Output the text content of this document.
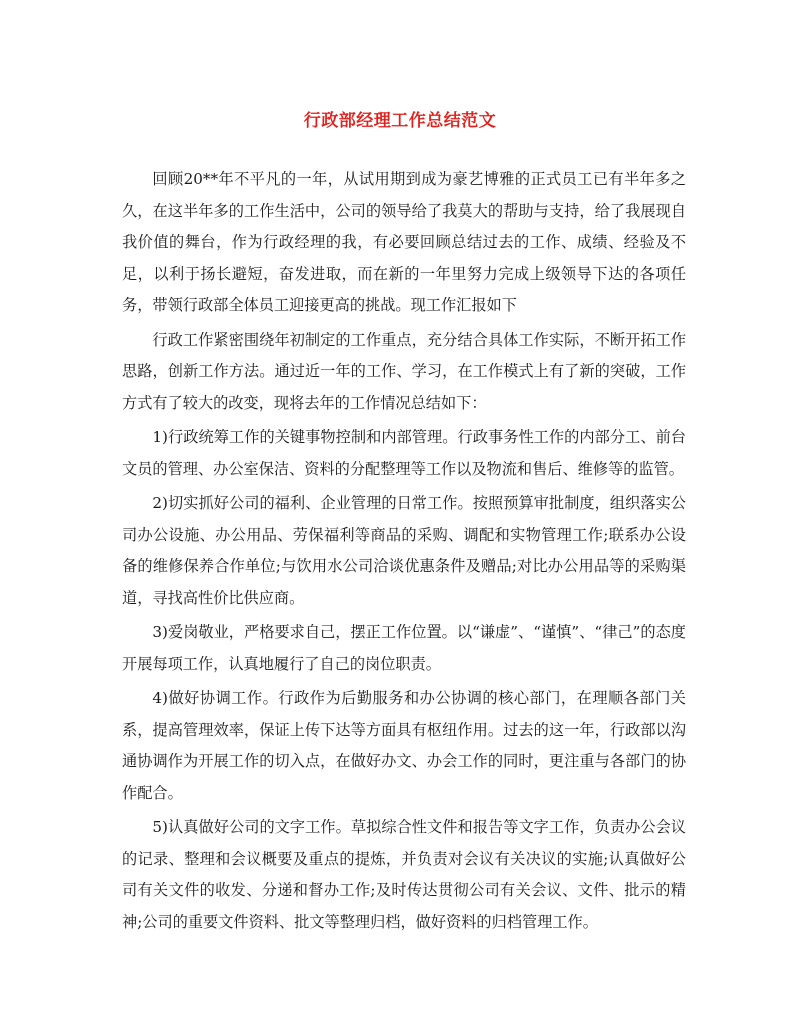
行政部经理工作总结范文

回顾20**年不平凡的一年，从试用期到成为豪艺博雅的正式员工已有半年多之久，在这半年多的工作生活中，公司的领导给了我莫大的帮助与支持，给了我展现自我价值的舞台，作为行政经理的我，有必要回顾总结过去的工作、成绩、经验及不足，以利于扬长避短，奋发进取，而在新的一年里努力完成上级领导下达的各项任务，带领行政部全体员工迎接更高的挑战。现工作汇报如下

行政工作紧密围绕年初制定的工作重点，充分结合具体工作实际，不断开拓工作思路，创新工作方法。通过近一年的工作、学习，在工作模式上有了新的突破，工作方式有了较大的改变，现将去年的工作情况总结如下：

1)行政统筹工作的关键事物控制和内部管理。行政事务性工作的内部分工、前台文员的管理、办公室保洁、资料的分配整理等工作以及物流和售后、维修等的监管。

2)切实抓好公司的福利、企业管理的日常工作。按照预算审批制度，组织落实公司办公设施、办公用品、劳保福利等商品的采购、调配和实物管理工作;联系办公设备的维修保养合作单位;与饮用水公司洽谈优惠条件及赠品;对比办公用品等的采购渠道，寻找高性价比供应商。

3)爱岗敬业，严格要求自己，摆正工作位置。以“谦虚”、“谨慎”、“律己”的态度开展每项工作，认真地履行了自己的岗位职责。

4)做好协调工作。行政作为后勤服务和办公协调的核心部门，在理顺各部门关系，提高管理效率，保证上传下达等方面具有枢纽作用。过去的这一年，行政部以沟通协调作为开展工作的切入点，在做好办文、办会工作的同时，更注重与各部门的协作配合。

5)认真做好公司的文字工作。草拟综合性文件和报告等文字工作，负责办公会议的记录、整理和会议概要及重点的提炼，并负责对会议有关决议的实施;认真做好公司有关文件的收发、分递和督办工作;及时传达贯彻公司有关会议、文件、批示的精神;公司的重要文件资料、批文等整理归档，做好资料的归档管理工作。
